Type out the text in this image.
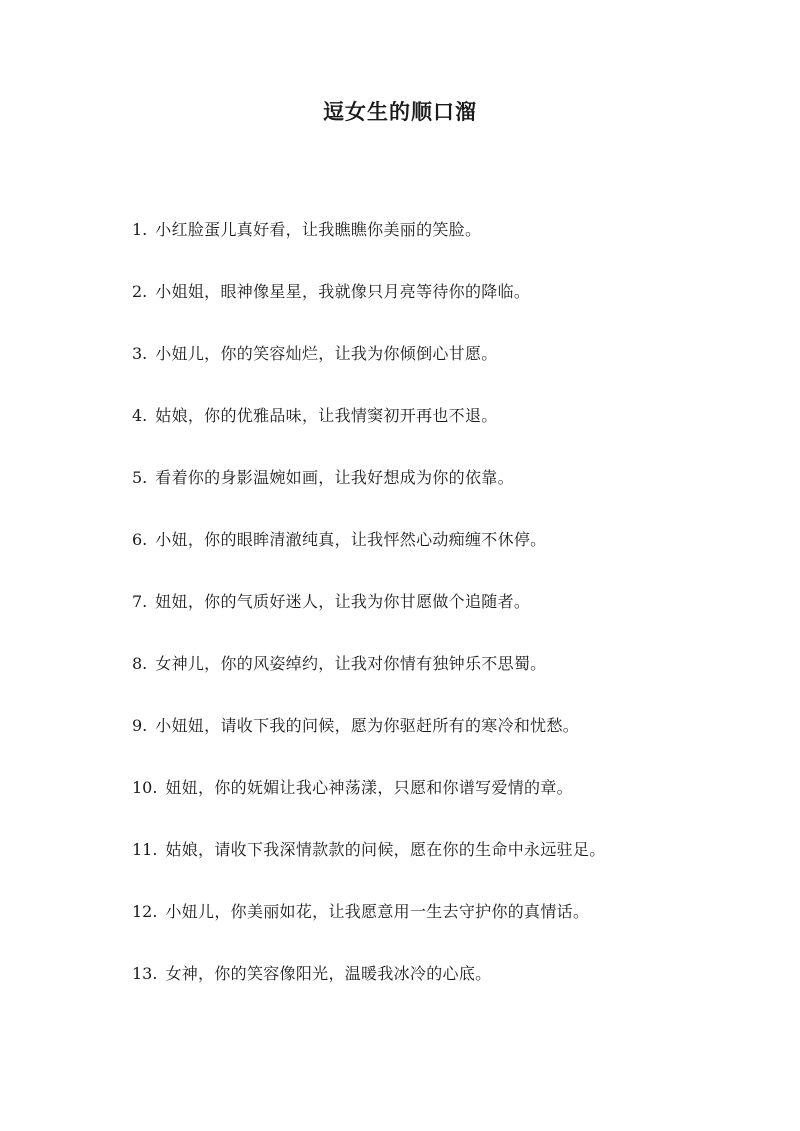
逗女生的顺口溜
1. 小红脸蛋儿真好看，让我瞧瞧你美丽的笑脸。
2. 小姐姐，眼神像星星，我就像只月亮等待你的降临。
3. 小妞儿，你的笑容灿烂，让我为你倾倒心甘愿。
4. 姑娘，你的优雅品味，让我情窦初开再也不退。
5. 看着你的身影温婉如画，让我好想成为你的依靠。
6. 小妞，你的眼眸清澈纯真，让我怦然心动痴缠不休停。
7. 妞妞，你的气质好迷人，让我为你甘愿做个追随者。
8. 女神儿，你的风姿绰约，让我对你情有独钟乐不思蜀。
9. 小妞妞，请收下我的问候，愿为你驱赶所有的寒冷和忧愁。
10. 妞妞，你的妩媚让我心神荡漾，只愿和你谱写爱情的章。
11. 姑娘，请收下我深情款款的问候，愿在你的生命中永远驻足。
12. 小妞儿，你美丽如花，让我愿意用一生去守护你的真情话。
13. 女神，你的笑容像阳光，温暖我冰冷的心底。
